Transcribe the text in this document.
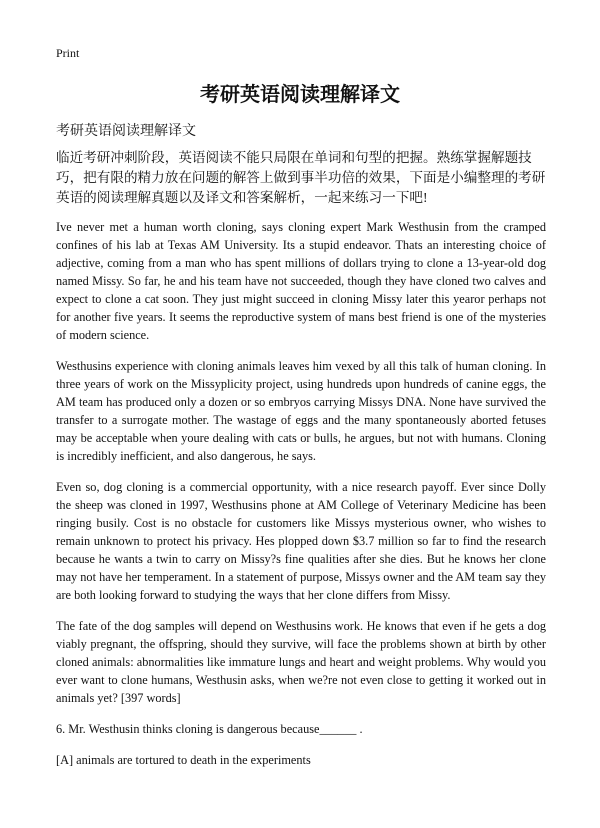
Print
考研英语阅读理解译文
考研英语阅读理解译文
临近考研冲刺阶段，英语阅读不能只局限在单词和句型的把握。熟练掌握解题技巧，把有限的精力放在问题的解答上做到事半功倍的效果，下面是小编整理的考研英语的阅读理解真题以及译文和答案解析，一起来练习一下吧!

Ive never met a human worth cloning, says cloning expert Mark Westhusin from the cramped confines of his lab at Texas AM University. Its a stupid endeavor. Thats an interesting choice of adjective, coming from a man who has spent millions of dollars trying to clone a 13-year-old dog named Missy. So far, he and his team have not succeeded, though they have cloned two calves and expect to clone a cat soon. They just might succeed in cloning Missy later this yearor perhaps not for another five years. It seems the reproductive system of mans best friend is one of the mysteries of modern science.

Westhusins experience with cloning animals leaves him vexed by all this talk of human cloning. In three years of work on the Missyplicity project, using hundreds upon hundreds of canine eggs, the AM team has produced only a dozen or so embryos carrying Missys DNA. None have survived the transfer to a surrogate mother. The wastage of eggs and the many spontaneously aborted fetuses may be acceptable when youre dealing with cats or bulls, he argues, but not with humans. Cloning is incredibly inefficient, and also dangerous, he says.

Even so, dog cloning is a commercial opportunity, with a nice research payoff. Ever since Dolly the sheep was cloned in 1997, Westhusins phone at AM College of Veterinary Medicine has been ringing busily. Cost is no obstacle for customers like Missys mysterious owner, who wishes to remain unknown to protect his privacy. Hes plopped down $3.7 million so far to find the research because he wants a twin to carry on Missy?s fine qualities after she dies. But he knows her clone may not have her temperament. In a statement of purpose, Missys owner and the AM team say they are both looking forward to studying the ways that her clone differs from Missy.

The fate of the dog samples will depend on Westhusins work. He knows that even if he gets a dog viably pregnant, the offspring, should they survive, will face the problems shown at birth by other cloned animals: abnormalities like immature lungs and heart and weight problems. Why would you ever want to clone humans, Westhusin asks, when we?re not even close to getting it worked out in animals yet? [397 words]

6. Mr. Westhusin thinks cloning is dangerous because______ .

[A] animals are tortured to death in the experiments
